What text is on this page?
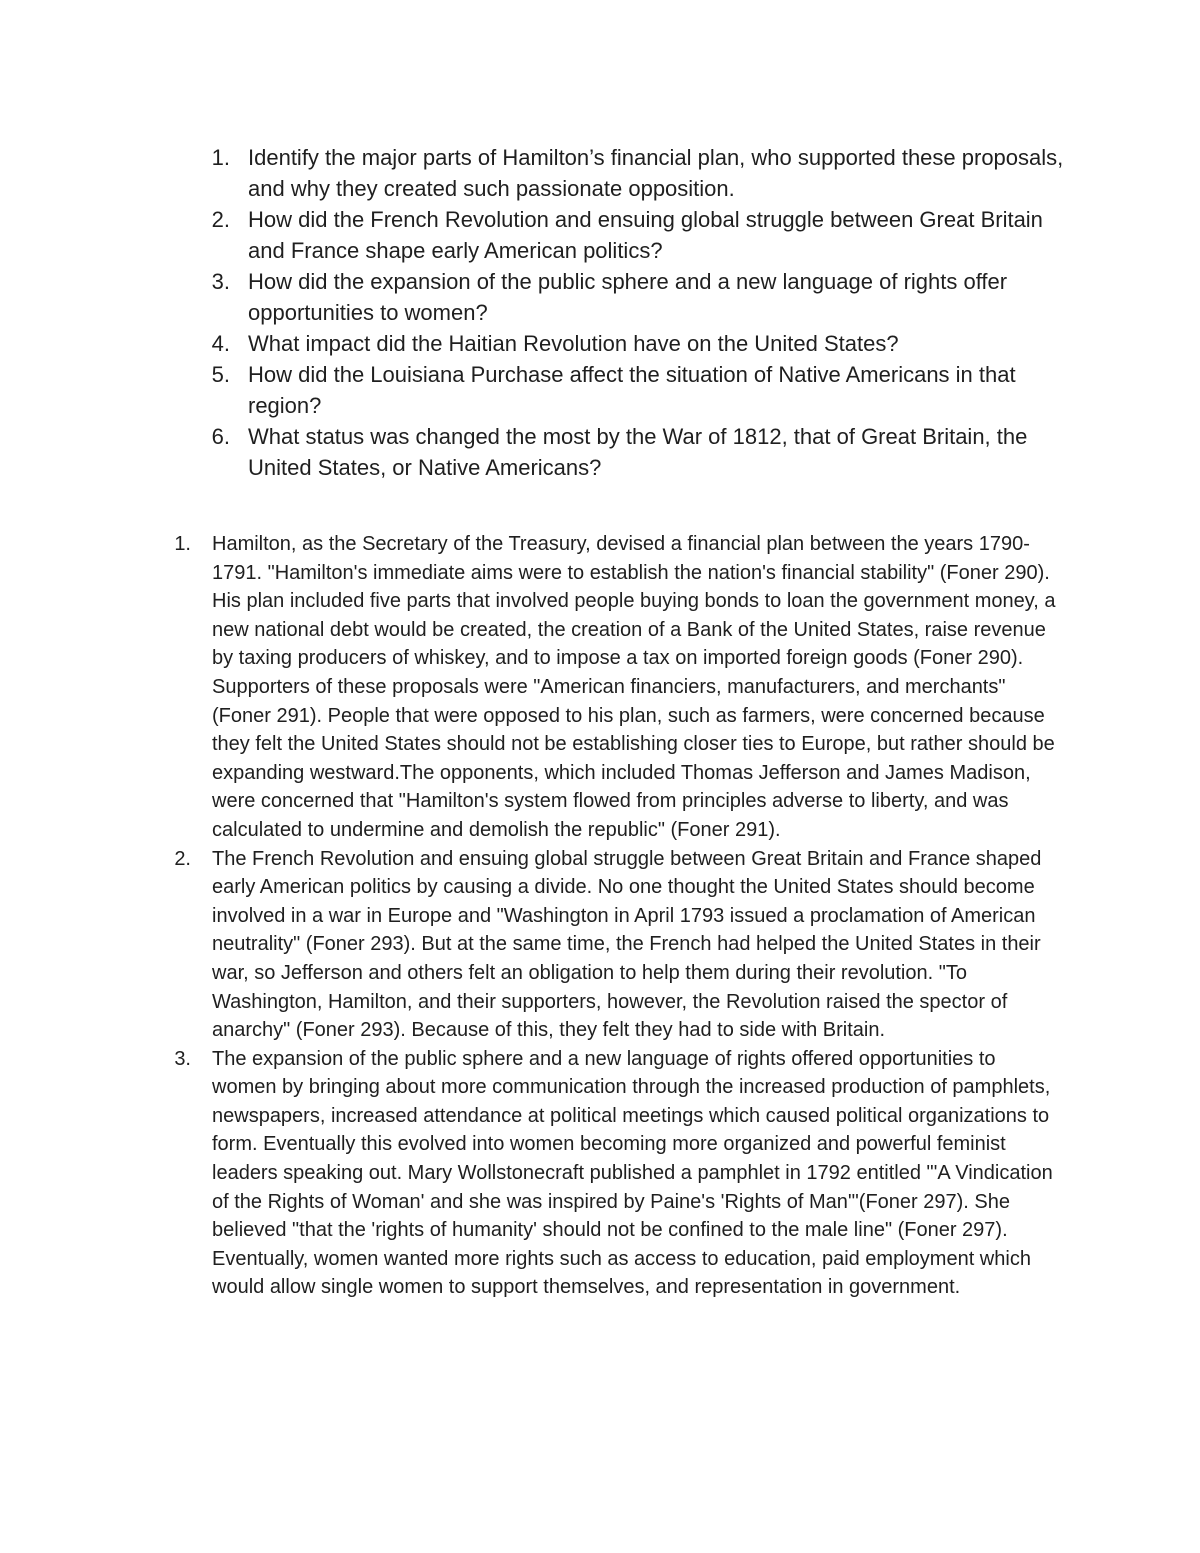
1. Identify the major parts of Hamilton’s financial plan, who supported these proposals, and why they created such passionate opposition.
2. How did the French Revolution and ensuing global struggle between Great Britain and France shape early American politics?
3. How did the expansion of the public sphere and a new language of rights offer opportunities to women?
4. What impact did the Haitian Revolution have on the United States?
5. How did the Louisiana Purchase affect the situation of Native Americans in that region?
6. What status was changed the most by the War of 1812, that of Great Britain, the United States, or Native Americans?
1. Hamilton, as the Secretary of the Treasury, devised a financial plan between the years 1790-1791. "Hamilton's immediate aims were to establish the nation's financial stability" (Foner 290). His plan included five parts that involved people buying bonds to loan the government money, a new national debt would be created, the creation of a Bank of the United States, raise revenue by taxing producers of whiskey, and to impose a tax on imported foreign goods (Foner 290). Supporters of these proposals were "American financiers, manufacturers, and merchants" (Foner 291). People that were opposed to his plan, such as farmers, were concerned because they felt the United States should not be establishing closer ties to Europe, but rather should be expanding westward.The opponents, which included Thomas Jefferson and James Madison, were concerned that "Hamilton's system flowed from principles adverse to liberty, and was calculated to undermine and demolish the republic" (Foner 291).
2. The French Revolution and ensuing global struggle between Great Britain and France shaped early American politics by causing a divide. No one thought the United States should become involved in a war in Europe and "Washington in April 1793 issued a proclamation of American neutrality" (Foner 293). But at the same time, the French had helped the United States in their war, so Jefferson and others felt an obligation to help them during their revolution. "To Washington, Hamilton, and their supporters, however, the Revolution raised the spector of anarchy" (Foner 293). Because of this, they felt they had to side with Britain.
3. The expansion of the public sphere and a new language of rights offered opportunities to women by bringing about more communication through the increased production of pamphlets, newspapers, increased attendance at political meetings which caused political organizations to form. Eventually this evolved into women becoming more organized and powerful feminist leaders speaking out. Mary Wollstonecraft published a pamphlet in 1792 entitled "'A Vindication of the Rights of Woman' and she was inspired by Paine's 'Rights of Man'"(Foner 297). She believed "that the 'rights of humanity' should not be confined to the male line" (Foner 297). Eventually, women wanted more rights such as access to education, paid employment which would allow single women to support themselves, and representation in government.
